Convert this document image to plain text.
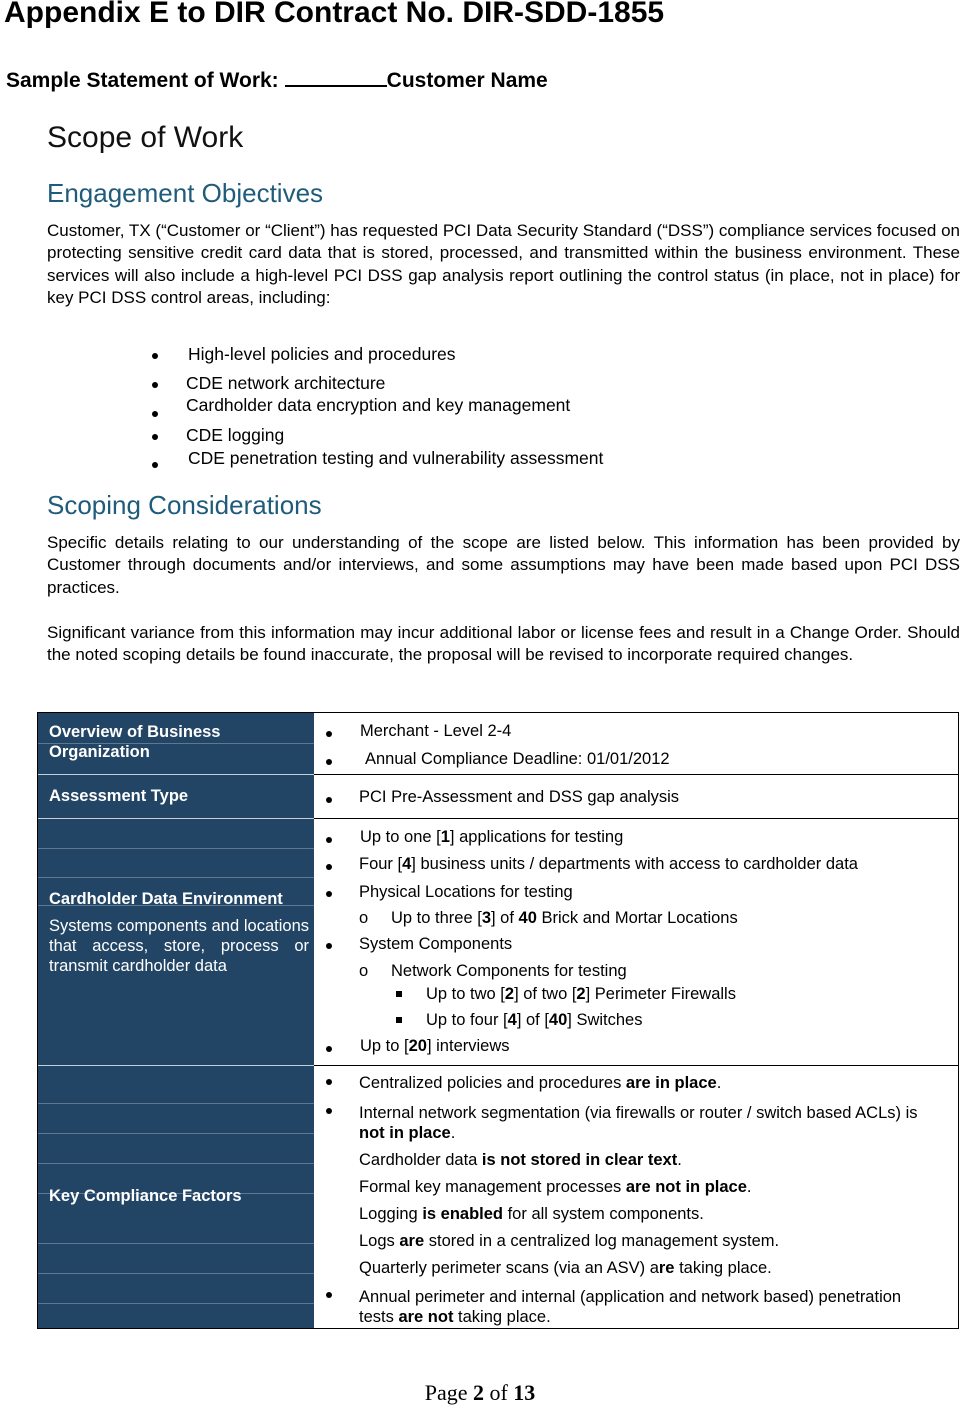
Appendix E to DIR Contract No. DIR-SDD-1855
Sample Statement of Work:	Customer Name
Scope of Work
Engagement Objectives
Customer, TX (“Customer or “Client”) has requested PCI Data Security Standard (“DSS”) compliance services focused on protecting sensitive credit card data that is stored, processed, and transmitted within the business environment. These services will also include a high-level PCI DSS gap analysis report outlining the control status (in place, not in place) for key PCI DSS control areas, including:
High-level policies and procedures
CDE network architecture
Cardholder data encryption and key management
CDE logging
CDE penetration testing and vulnerability assessment
Scoping Considerations
Specific details relating to our understanding of the scope are listed below. This information has been provided by Customer through documents and/or interviews, and some assumptions may have been made based upon PCI DSS practices.
Significant variance from this information may incur additional labor or license fees and result in a Change Order. Should the noted scoping details be found inaccurate, the proposal will be revised to incorporate required changes.
Overview of Business Organization
Assessment Type
Cardholder Data Environment
Systems components and locations that access, store, process or transmit cardholder data
Key Compliance Factors
Merchant - Level 2-4
Annual Compliance Deadline: 01/01/2012
PCI Pre-Assessment and DSS gap analysis
Up to one [1] applications for testing
Four [4] business units / departments with access to cardholder data
Physical Locations for testing
o Up to three [3] of 40 Brick and Mortar Locations
System Components
o Network Components for testing
Up to two [2] of two [2] Perimeter Firewalls
Up to four [4] of [40] Switches
Up to [20] interviews
Centralized policies and procedures are in place.
Internal network segmentation (via firewalls or router / switch based ACLs) is not in place.
Cardholder data is not stored in clear text.
Formal key management processes are not in place.
Logging is enabled for all system components.
Logs are stored in a centralized log management system.
Quarterly perimeter scans (via an ASV) are taking place.
Annual perimeter and internal (application and network based) penetration tests are not taking place.
Page 2 of 13
